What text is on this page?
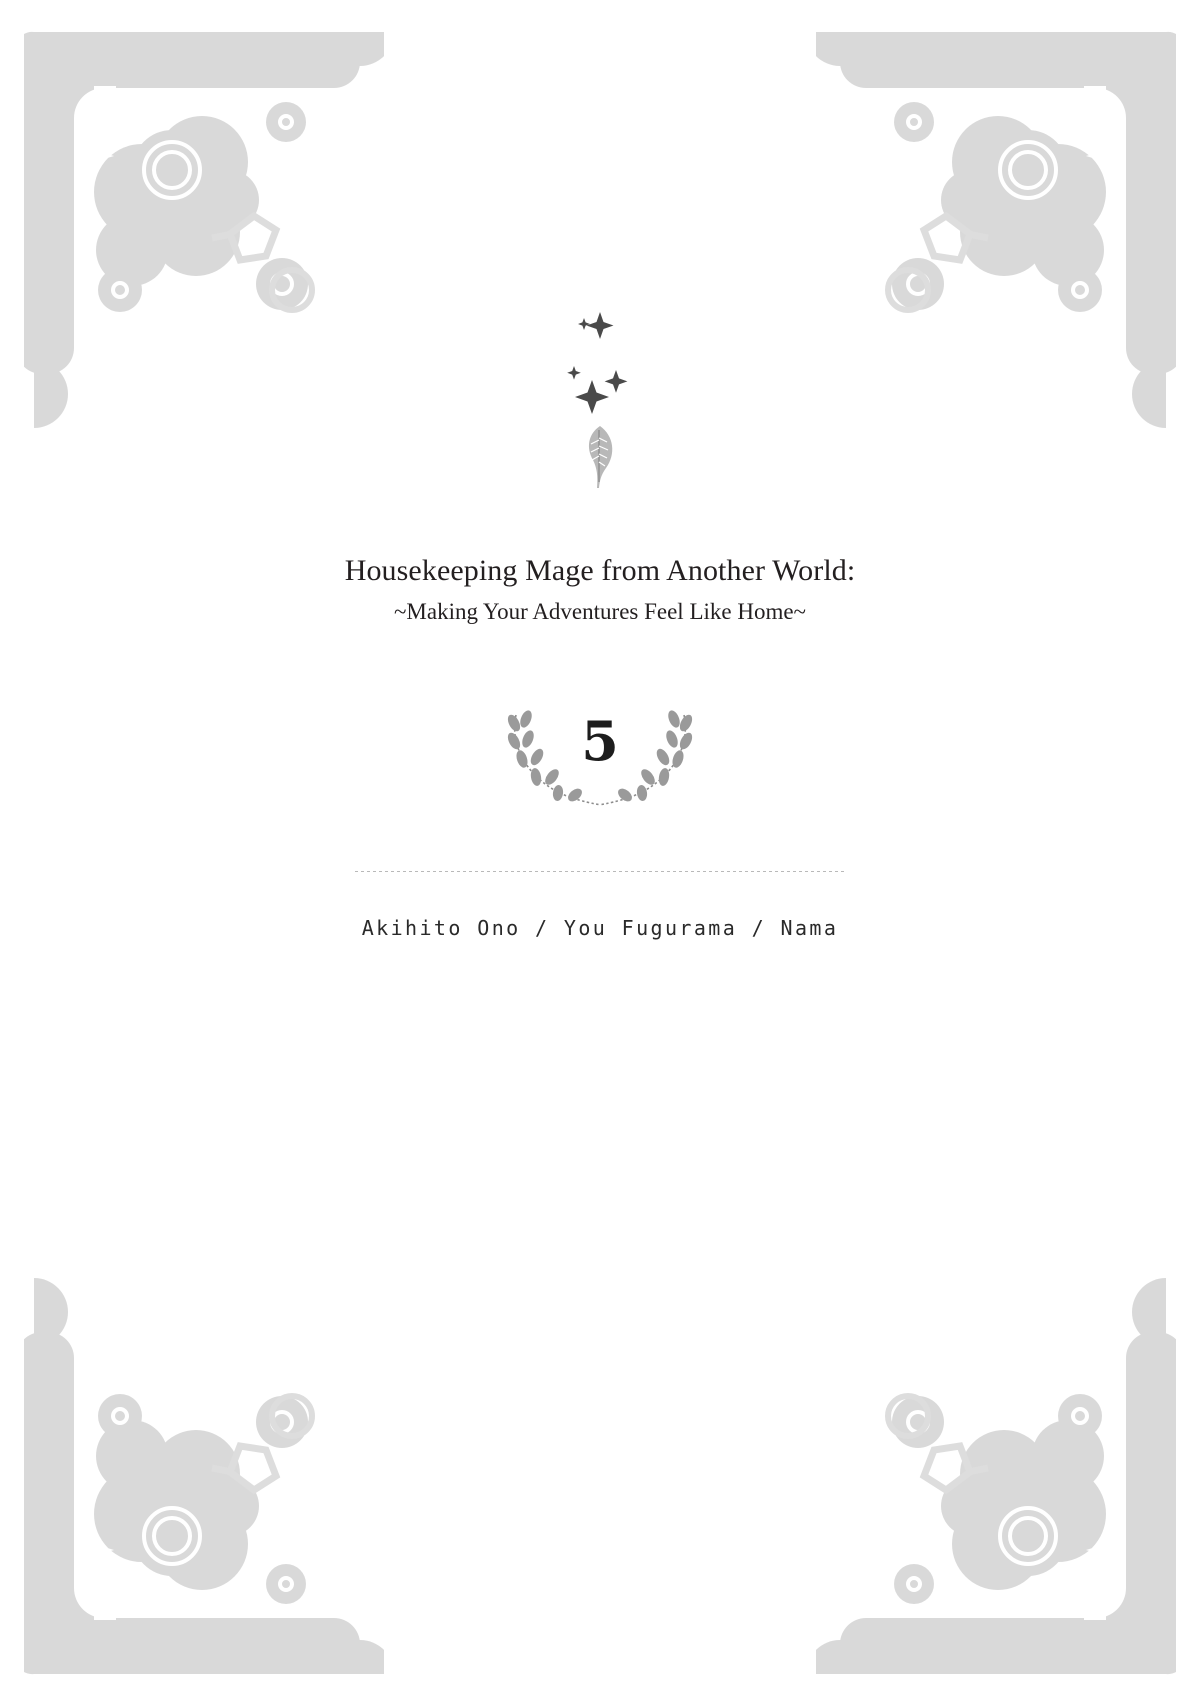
Housekeeping Mage from Another World:
~Making Your Adventures Feel Like Home~
5
Akihito Ono / You Fugurama / Nama
